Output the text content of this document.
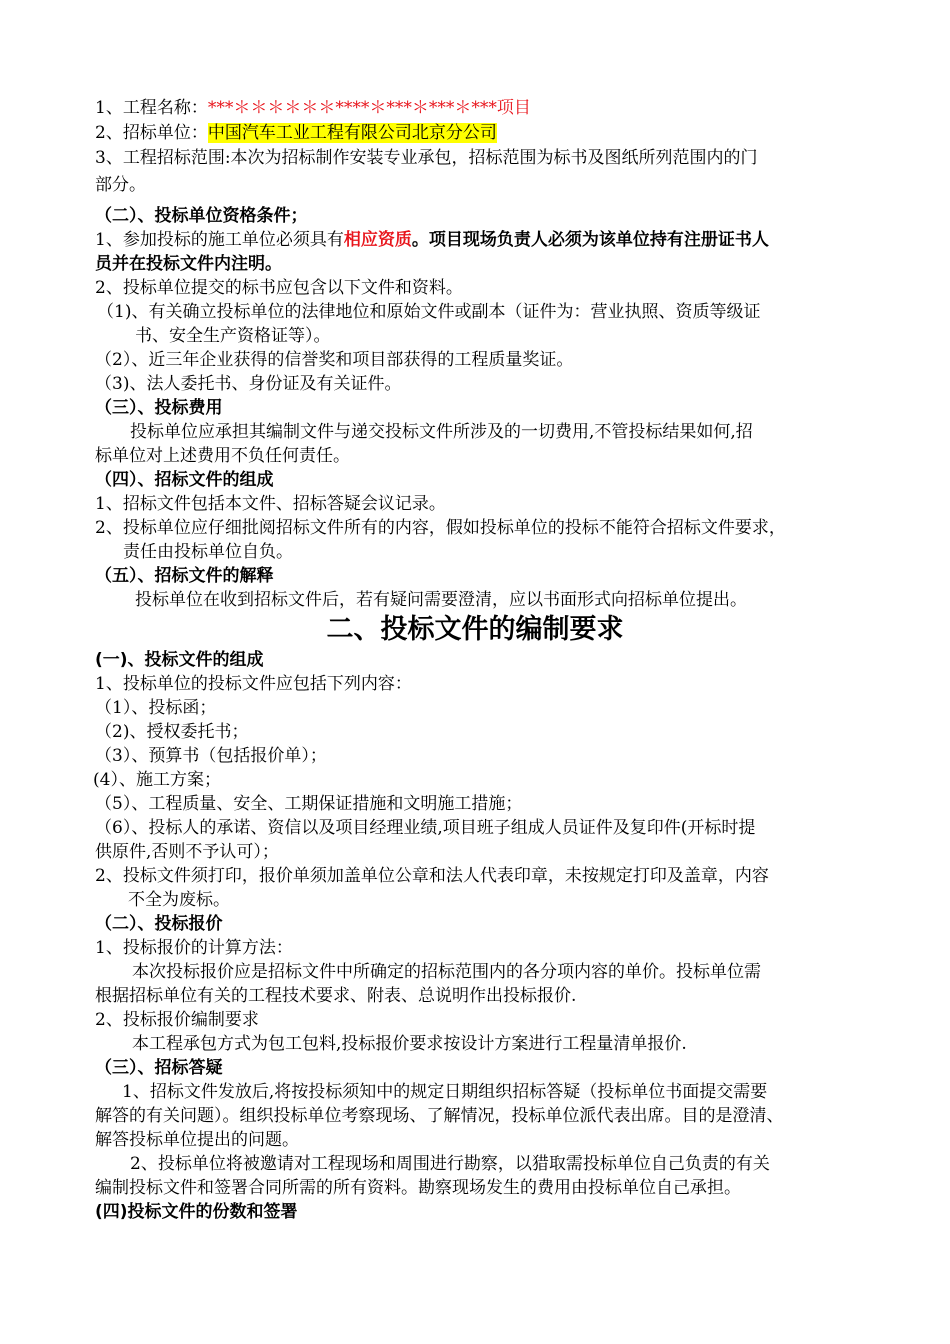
1、工程名称：***＊＊＊＊＊＊****＊***＊***＊***项目
2、招标单位：中国汽车工业工程有限公司北京分公司
3、工程招标范围:本次为招标制作安装专业承包，招标范围为标书及图纸所列范围内的门
部分。
（二）、投标单位资格条件；
1、参加投标的施工单位必须具有相应资质。项目现场负责人必须为该单位持有注册证书人
员并在投标文件内注明。
2、投标单位提交的标书应包含以下文件和资料。
（1)、有关确立投标单位的法律地位和原始文件或副本（证件为：营业执照、资质等级证
书、安全生产资格证等）。
（2）、近三年企业获得的信誉奖和项目部获得的工程质量奖证。
（3)、法人委托书、身份证及有关证件。
（三）、投标费用
投标单位应承担其编制文件与递交投标文件所涉及的一切费用,不管投标结果如何,招
标单位对上述费用不负任何责任。
（四）、招标文件的组成
1、招标文件包括本文件、招标答疑会议记录。
2、投标单位应仔细批阅招标文件所有的内容，假如投标单位的投标不能符合招标文件要求，
责任由投标单位自负。
（五）、招标文件的解释
投标单位在收到招标文件后，若有疑问需要澄清，应以书面形式向招标单位提出。
二、投标文件的编制要求
(一)、投标文件的组成
1、投标单位的投标文件应包括下列内容：
（1）、投标函；
（2)、授权委托书；
（3）、预算书（包括报价单）；
(4）、施工方案；
（5）、工程质量、安全、工期保证措施和文明施工措施；
（6）、投标人的承诺、资信以及项目经理业绩,项目班子组成人员证件及复印件(开标时提
供原件,否则不予认可）；
2、投标文件须打印，报价单须加盖单位公章和法人代表印章，未按规定打印及盖章，内容
不全为废标。
（二）、投标报价
1、投标报价的计算方法：
本次投标报价应是招标文件中所确定的招标范围内的各分项内容的单价。投标单位需
根据招标单位有关的工程技术要求、附表、总说明作出投标报价.
2、投标报价编制要求
本工程承包方式为包工包料,投标报价要求按设计方案进行工程量清单报价.
（三）、招标答疑
1、招标文件发放后,将按投标须知中的规定日期组织招标答疑（投标单位书面提交需要
解答的有关问题）。组织投标单位考察现场、了解情况，投标单位派代表出席。目的是澄清、
解答投标单位提出的问题。
2、投标单位将被邀请对工程现场和周围进行勘察，以猎取需投标单位自己负责的有关
编制投标文件和签署合同所需的所有资料。勘察现场发生的费用由投标单位自己承担。
(四)投标文件的份数和签署
